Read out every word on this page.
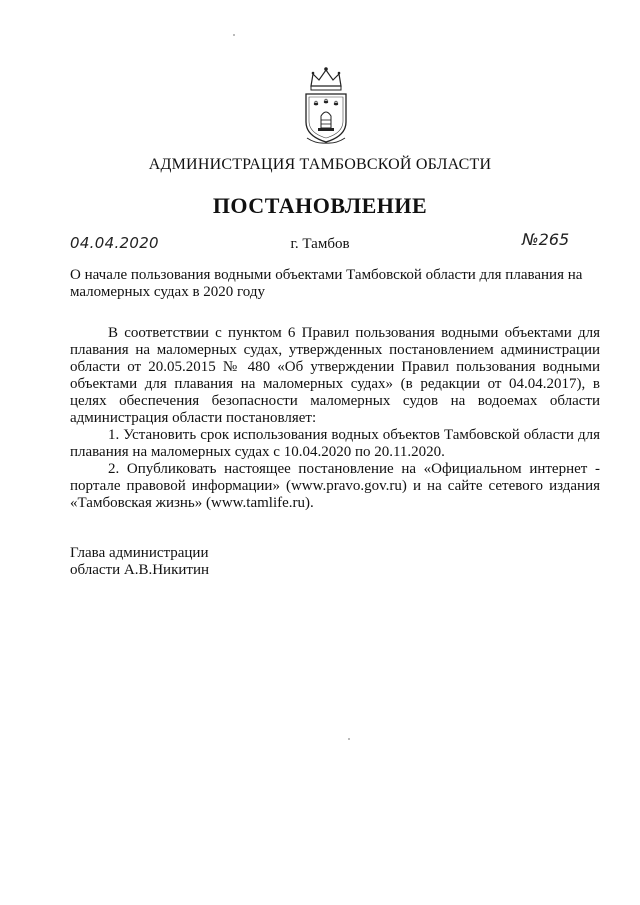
АДМИНИСТРАЦИЯ ТАМБОВСКОЙ ОБЛАСТИ
ПОСТАНОВЛЕНИЕ
04.04.2020	г. Тамбов	№265
О начале пользования водными объектами Тамбовской области для плавания на маломерных судах в 2020 году

В соответствии с пунктом 6 Правил пользования водными объектами для плавания на маломерных судах, утвержденных постановлением администрации области от 20.05.2015 № 480 «Об утверждении Правил пользования водными объектами для плавания на маломерных судах» (в редакции от 04.04.2017), в целях обеспечения безопасности маломерных судов на водоемах области администрация области постановляет:

1. Установить срок использования водных объектов Тамбовской области для плавания на маломерных судах с 10.04.2020 по 20.11.2020.

2. Опубликовать настоящее постановление на «Официальном интернет - портале правовой информации» (www.pravo.gov.ru) и на сайте сетевого издания «Тамбовская жизнь» (www.tamlife.ru).

Глава администрации
области А.В.Никитин
